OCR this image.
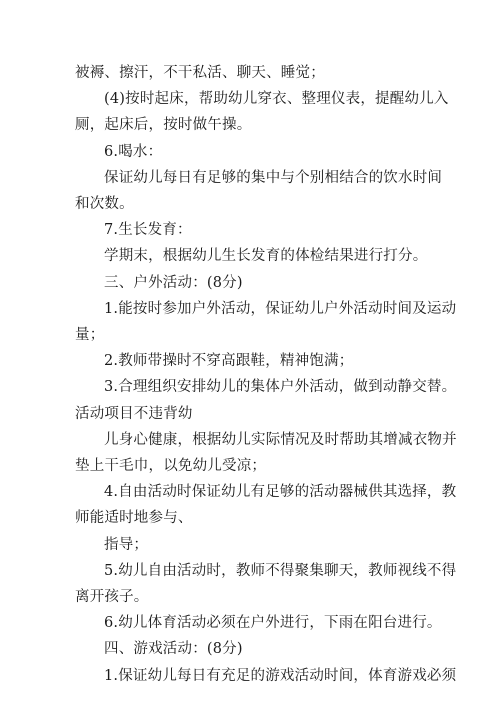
被褥、擦汗，不干私活、聊天、睡觉；
(4)按时起床，帮助幼儿穿衣、整理仪表，提醒幼儿入
厕，起床后，按时做午操。
6.喝水：
保证幼儿每日有足够的集中与个别相结合的饮水时间
和次数。
7.生长发育：
学期末，根据幼儿生长发育的体检结果进行打分。
三、户外活动：(8分)
1.能按时参加户外活动，保证幼儿户外活动时间及运动
量；
2.教师带操时不穿高跟鞋，精神饱满；
3.合理组织安排幼儿的集体户外活动，做到动静交替。
活动项目不违背幼
儿身心健康，根据幼儿实际情况及时帮助其增减衣物并
垫上干毛巾，以免幼儿受凉；
4.自由活动时保证幼儿有足够的活动器械供其选择，教
师能适时地参与、
指导；
5.幼儿自由活动时，教师不得聚集聊天，教师视线不得
离开孩子。
6.幼儿体育活动必须在户外进行，下雨在阳台进行。
四、游戏活动：(8分)
1.保证幼儿每日有充足的游戏活动时间，体育游戏必须
